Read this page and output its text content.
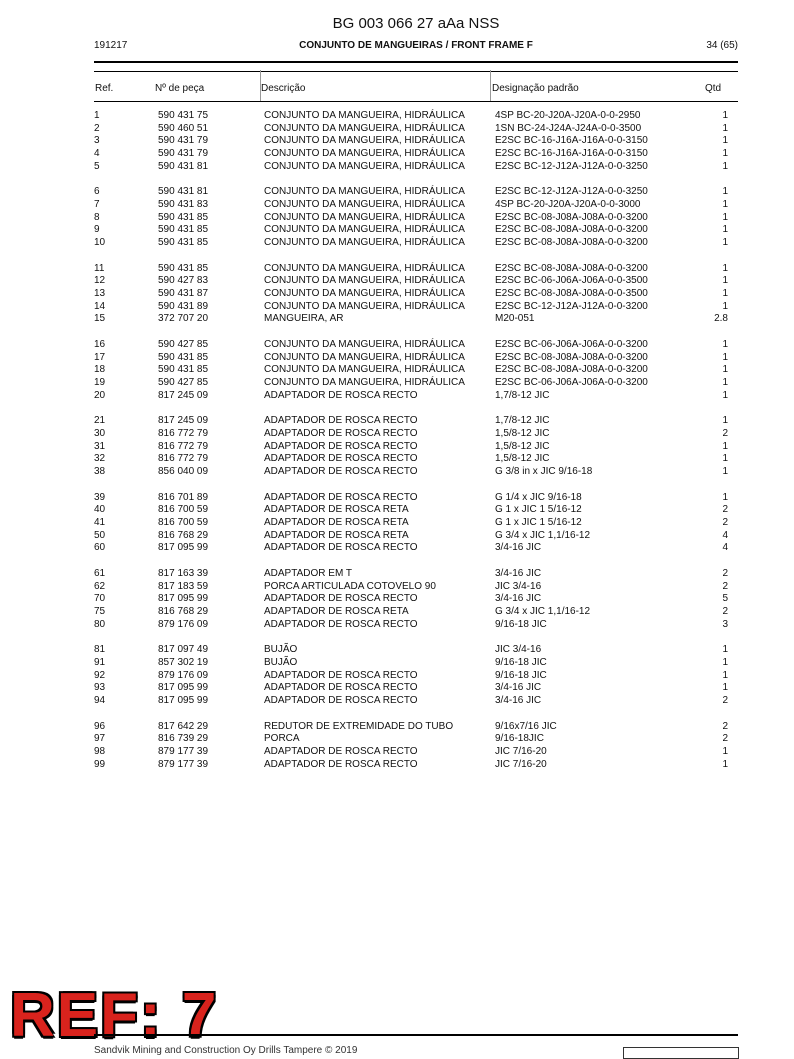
BG 003 066 27 aAa NSS
191217	CONJUNTO DE MANGUEIRAS / FRONT FRAME F	34 (65)
Ref.	Nº de peça	Descrição	Designação padrão	Qtd
1	590 431 75	CONJUNTO DA MANGUEIRA, HIDRÁULICA	4SP BC-20-J20A-J20A-0-0-2950	1
2	590 460 51	CONJUNTO DA MANGUEIRA, HIDRÁULICA	1SN BC-24-J24A-J24A-0-0-3500	1
3	590 431 79	CONJUNTO DA MANGUEIRA, HIDRÁULICA	E2SC BC-16-J16A-J16A-0-0-3150	1
4	590 431 79	CONJUNTO DA MANGUEIRA, HIDRÁULICA	E2SC BC-16-J16A-J16A-0-0-3150	1
5	590 431 81	CONJUNTO DA MANGUEIRA, HIDRÁULICA	E2SC BC-12-J12A-J12A-0-0-3250	1

6	590 431 81	CONJUNTO DA MANGUEIRA, HIDRÁULICA	E2SC BC-12-J12A-J12A-0-0-3250	1
7	590 431 83	CONJUNTO DA MANGUEIRA, HIDRÁULICA	4SP BC-20-J20A-J20A-0-0-3000	1
8	590 431 85	CONJUNTO DA MANGUEIRA, HIDRÁULICA	E2SC BC-08-J08A-J08A-0-0-3200	1
9	590 431 85	CONJUNTO DA MANGUEIRA, HIDRÁULICA	E2SC BC-08-J08A-J08A-0-0-3200	1
10	590 431 85	CONJUNTO DA MANGUEIRA, HIDRÁULICA	E2SC BC-08-J08A-J08A-0-0-3200	1

11	590 431 85	CONJUNTO DA MANGUEIRA, HIDRÁULICA	E2SC BC-08-J08A-J08A-0-0-3200	1
12	590 427 83	CONJUNTO DA MANGUEIRA, HIDRÁULICA	E2SC BC-06-J06A-J06A-0-0-3500	1
13	590 431 87	CONJUNTO DA MANGUEIRA, HIDRÁULICA	E2SC BC-08-J08A-J08A-0-0-3500	1
14	590 431 89	CONJUNTO DA MANGUEIRA, HIDRÁULICA	E2SC BC-12-J12A-J12A-0-0-3200	1
15	372 707 20	MANGUEIRA, AR	M20-051	2.8

16	590 427 85	CONJUNTO DA MANGUEIRA, HIDRÁULICA	E2SC BC-06-J06A-J06A-0-0-3200	1
17	590 431 85	CONJUNTO DA MANGUEIRA, HIDRÁULICA	E2SC BC-08-J08A-J08A-0-0-3200	1
18	590 431 85	CONJUNTO DA MANGUEIRA, HIDRÁULICA	E2SC BC-08-J08A-J08A-0-0-3200	1
19	590 427 85	CONJUNTO DA MANGUEIRA, HIDRÁULICA	E2SC BC-06-J06A-J06A-0-0-3200	1
20	817 245 09	ADAPTADOR DE ROSCA RECTO	1,7/8-12 JIC	1

21	817 245 09	ADAPTADOR DE ROSCA RECTO	1,7/8-12 JIC	1
30	816 772 79	ADAPTADOR DE ROSCA RECTO	1,5/8-12 JIC	2
31	816 772 79	ADAPTADOR DE ROSCA RECTO	1,5/8-12 JIC	1
32	816 772 79	ADAPTADOR DE ROSCA RECTO	1,5/8-12 JIC	1
38	856 040 09	ADAPTADOR DE ROSCA RECTO	G 3/8 in x JIC 9/16-18	1

39	816 701 89	ADAPTADOR DE ROSCA RECTO	G 1/4 x JIC 9/16-18	1
40	816 700 59	ADAPTADOR DE ROSCA RETA	G 1 x JIC 1 5/16-12	2
41	816 700 59	ADAPTADOR DE ROSCA RETA	G 1 x JIC 1 5/16-12	2
50	816 768 29	ADAPTADOR DE ROSCA RETA	G 3/4 x JIC 1,1/16-12	4
60	817 095 99	ADAPTADOR DE ROSCA RECTO	3/4-16 JIC	4

61	817 163 39	ADAPTADOR EM T	3/4-16 JIC	2
62	817 183 59	PORCA ARTICULADA COTOVELO 90	JIC 3/4-16	2
70	817 095 99	ADAPTADOR DE ROSCA RECTO	3/4-16 JIC	5
75	816 768 29	ADAPTADOR DE ROSCA RETA	G 3/4 x JIC 1,1/16-12	2
80	879 176 09	ADAPTADOR DE ROSCA RECTO	9/16-18 JIC	3

81	817 097 49	BUJÃO	JIC 3/4-16	1
91	857 302 19	BUJÃO	9/16-18 JIC	1
92	879 176 09	ADAPTADOR DE ROSCA RECTO	9/16-18 JIC	1
93	817 095 99	ADAPTADOR DE ROSCA RECTO	3/4-16 JIC	1
94	817 095 99	ADAPTADOR DE ROSCA RECTO	3/4-16 JIC	2

96	817 642 29	REDUTOR DE EXTREMIDADE DO TUBO	9/16x7/16 JIC	2
97	816 739 29	PORCA	9/16-18JIC	2
98	879 177 39	ADAPTADOR DE ROSCA RECTO	JIC 7/16-20	1
99	879 177 39	ADAPTADOR DE ROSCA RECTO	JIC 7/16-20	1
REF: 7
Sandvik Mining and Construction Oy Drills Tampere © 2019
